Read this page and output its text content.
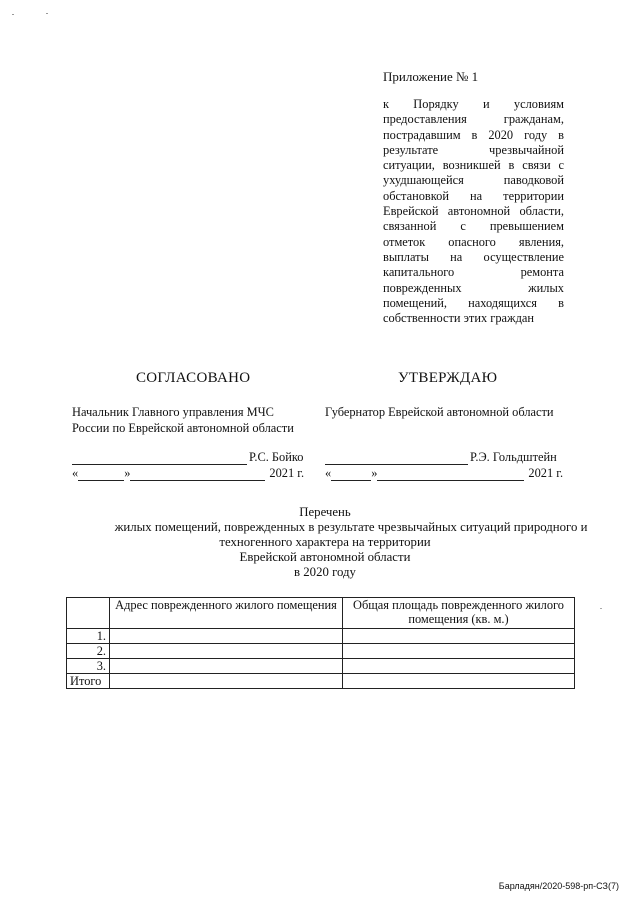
Приложение № 1
к Порядку и условиям
предоставления гражданам,
пострадавшим в 2020 году в
результате чрезвычайной
ситуации, возникшей в связи с
ухудшающейся паводковой
обстановкой на территории
Еврейской автономной области,
связанной с превышением
отметок опасного явления,
выплаты на осуществление
капитального ремонта
поврежденных жилых
помещений, находящихся в
собственности этих граждан
СОГЛАСОВАНО	УТВЕРЖДАЮ
Начальник Главного управления МЧС
России по Еврейской автономной области
Губернатор Еврейской автономной области
Р.С. Бойко
«	»	2021 г.
Р.Э. Гольдштейн
«	»	2021 г.
Перечень
жилых помещений, поврежденных в результате чрезвычайных ситуаций природного и
техногенного характера на территории
Еврейской автономной области
в 2020 году
	Адрес поврежденного жилого помещения	Общая площадь поврежденного жилого помещения (кв. м.)
1.		
2.		
3.		
Итого		
Барладян/2020-598-рп-СЗ(7)
